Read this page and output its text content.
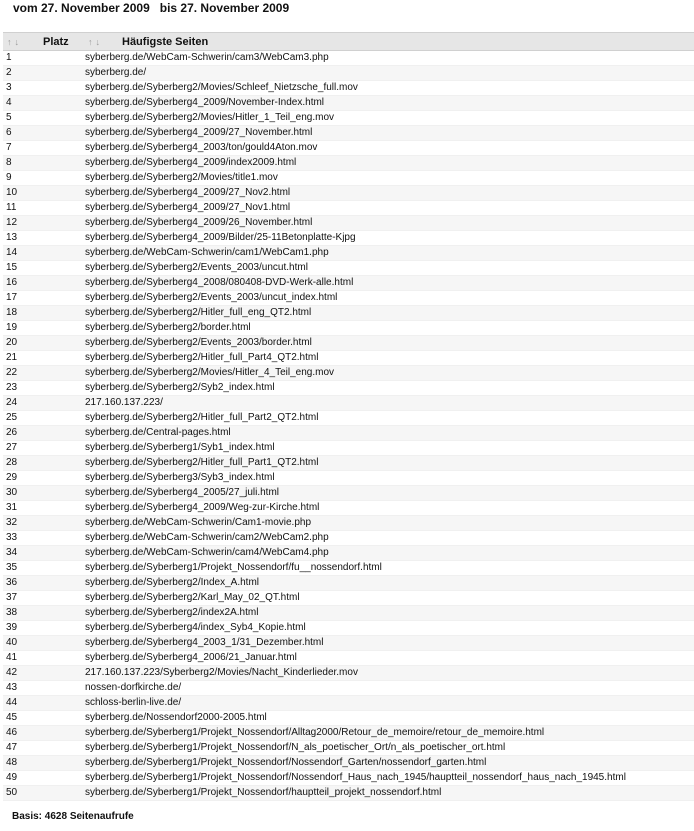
vom 27. November 2009   bis 27. November 2009
↑↓ Platz	↑↓ Häufigste Seiten
1	syberberg.de/WebCam-Schwerin/cam3/WebCam3.php
2	syberberg.de/
3	syberberg.de/Syberberg2/Movies/Schleef_Nietzsche_full.mov
4	syberberg.de/Syberberg4_2009/November-Index.html
5	syberberg.de/Syberberg2/Movies/Hitler_1_Teil_eng.mov
6	syberberg.de/Syberberg4_2009/27_November.html
7	syberberg.de/Syberberg4_2003/ton/gould4Aton.mov
8	syberberg.de/Syberberg4_2009/index2009.html
9	syberberg.de/Syberberg2/Movies/title1.mov
10	syberberg.de/Syberberg4_2009/27_Nov2.html
11	syberberg.de/Syberberg4_2009/27_Nov1.html
12	syberberg.de/Syberberg4_2009/26_November.html
13	syberberg.de/Syberberg4_2009/Bilder/25-11Betonplatte-Kjpg
14	syberberg.de/WebCam-Schwerin/cam1/WebCam1.php
15	syberberg.de/Syberberg2/Events_2003/uncut.html
16	syberberg.de/Syberberg4_2008/080408-DVD-Werk-alle.html
17	syberberg.de/Syberberg2/Events_2003/uncut_index.html
18	syberberg.de/Syberberg2/Hitler_full_eng_QT2.html
19	syberberg.de/Syberberg2/border.html
20	syberberg.de/Syberberg2/Events_2003/border.html
21	syberberg.de/Syberberg2/Hitler_full_Part4_QT2.html
22	syberberg.de/Syberberg2/Movies/Hitler_4_Teil_eng.mov
23	syberberg.de/Syberberg2/Syb2_index.html
24	217.160.137.223/
25	syberberg.de/Syberberg2/Hitler_full_Part2_QT2.html
26	syberberg.de/Central-pages.html
27	syberberg.de/Syberberg1/Syb1_index.html
28	syberberg.de/Syberberg2/Hitler_full_Part1_QT2.html
29	syberberg.de/Syberberg3/Syb3_index.html
30	syberberg.de/Syberberg4_2005/27_juli.html
31	syberberg.de/Syberberg4_2009/Weg-zur-Kirche.html
32	syberberg.de/WebCam-Schwerin/Cam1-movie.php
33	syberberg.de/WebCam-Schwerin/cam2/WebCam2.php
34	syberberg.de/WebCam-Schwerin/cam4/WebCam4.php
35	syberberg.de/Syberberg1/Projekt_Nossendorf/fu__nossendorf.html
36	syberberg.de/Syberberg2/Index_A.html
37	syberberg.de/Syberberg2/Karl_May_02_QT.html
38	syberberg.de/Syberberg2/index2A.html
39	syberberg.de/Syberberg4/index_Syb4_Kopie.html
40	syberberg.de/Syberberg4_2003_1/31_Dezember.html
41	syberberg.de/Syberberg4_2006/21_Januar.html
42	217.160.137.223/Syberberg2/Movies/Nacht_Kinderlieder.mov
43	nossen-dorfkirche.de/
44	schloss-berlin-live.de/
45	syberberg.de/Nossendorf2000-2005.html
46	syberberg.de/Syberberg1/Projekt_Nossendorf/Alltag2000/Retour_de_memoire/retour_de_memoire.html
47	syberberg.de/Syberberg1/Projekt_Nossendorf/N_als_poetischer_Ort/n_als_poetischer_ort.html
48	syberberg.de/Syberberg1/Projekt_Nossendorf/Nossendorf_Garten/nossendorf_garten.html
49	syberberg.de/Syberberg1/Projekt_Nossendorf/Nossendorf_Haus_nach_1945/hauptteil_nossendorf_haus_nach_1945.html
50	syberberg.de/Syberberg1/Projekt_Nossendorf/hauptteil_projekt_nossendorf.html
Basis: 4628 Seitenaufrufe
